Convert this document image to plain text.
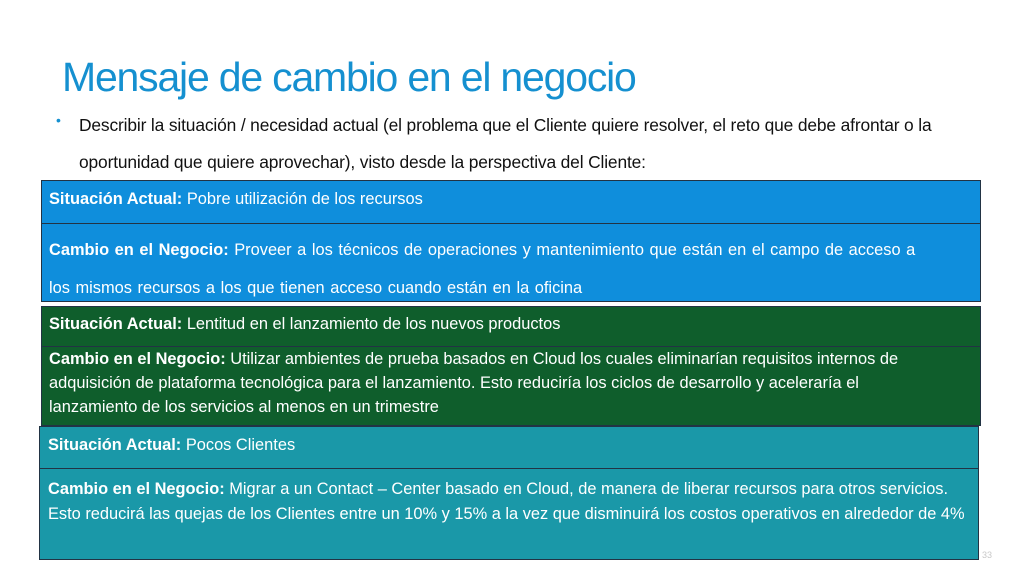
Mensaje de cambio en el negocio
• Describir la situación / necesidad actual (el problema que el Cliente quiere resolver, el reto que debe afrontar o la oportunidad que quiere aprovechar), visto desde la perspectiva del Cliente:
Situación Actual: Pobre utilización de los recursos
Cambio en el Negocio: Proveer a los técnicos de operaciones y mantenimiento que están en el campo de acceso a los mismos recursos a los que tienen acceso cuando están en la oficina
Situación Actual: Lentitud en el lanzamiento de los nuevos productos
Cambio en el Negocio: Utilizar ambientes de prueba basados en Cloud los cuales eliminarían requisitos internos de adquisición de plataforma tecnológica para el lanzamiento. Esto reduciría los ciclos de desarrollo y aceleraría el lanzamiento de los servicios al menos en un trimestre
Situación Actual: Pocos Clientes
Cambio en el Negocio: Migrar a un Contact – Center basado en Cloud, de manera de liberar recursos para otros servicios. Esto reducirá las quejas de los Clientes entre un 10% y 15% a la vez que disminuirá los costos operativos en alrededor de 4%
33
